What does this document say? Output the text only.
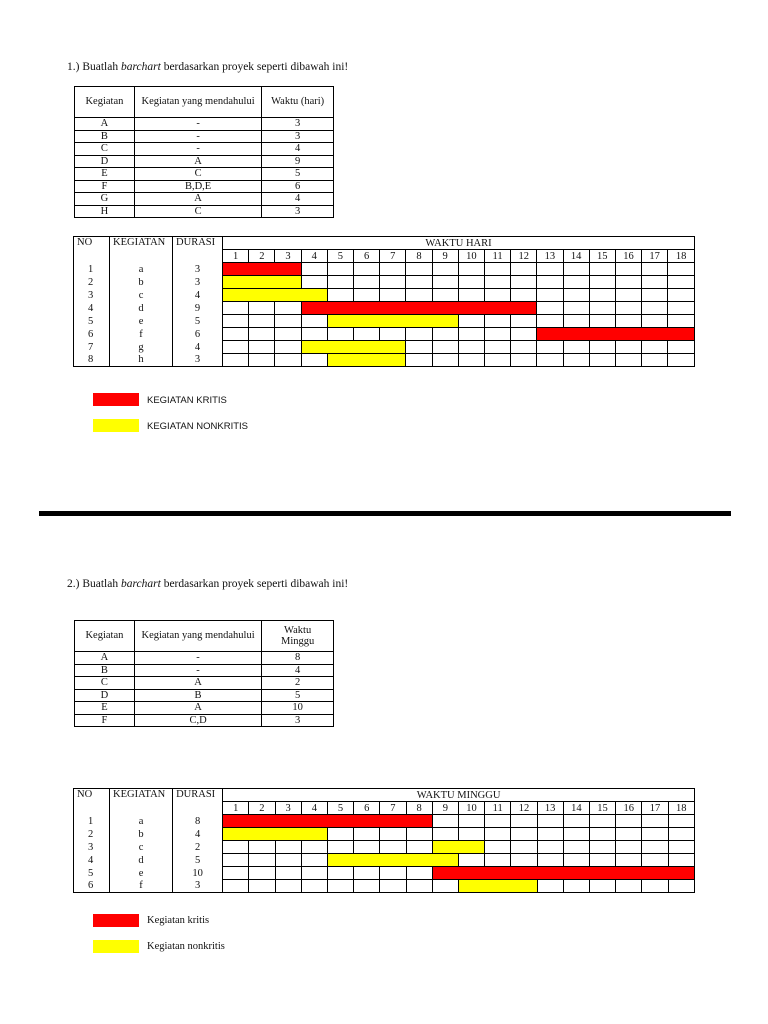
1.) Buatlah barchart berdasarkan proyek seperti dibawah ini!
Kegiatan	Kegiatan yang mendahului	Waktu (hari)
A	-	3
B	-	3
C	-	4
D	A	9
E	C	5
F	B,D,E	6
G	A	4
H	C	3
NO	KEGIATAN	DURASI	WAKTU HARI																	
			1	2	3	4	5	6	7	8	9	10	11	12	13	14	15	16	17	18
1	a	3																		
2	b	3																		
3	c	4																		
4	d	9																		
5	e	5																		
6	f	6																		
7	g	4																		
8	h	3																		
KEGIATAN KRITIS
KEGIATAN NONKRITIS
2.) Buatlah barchart berdasarkan proyek seperti dibawah ini!
Kegiatan	Kegiatan yang mendahului	Waktu
Minggu
A	-	8
B	-	4
C	A	2
D	B	5
E	A	10
F	C,D	3
NO	KEGIATAN	DURASI	WAKTU MINGGU																	
			1	2	3	4	5	6	7	8	9	10	11	12	13	14	15	16	17	18
1	a	8																		
2	b	4																		
3	c	2																		
4	d	5																		
5	e	10																		
6	f	3																		
Kegiatan kritis
Kegiatan nonkritis
